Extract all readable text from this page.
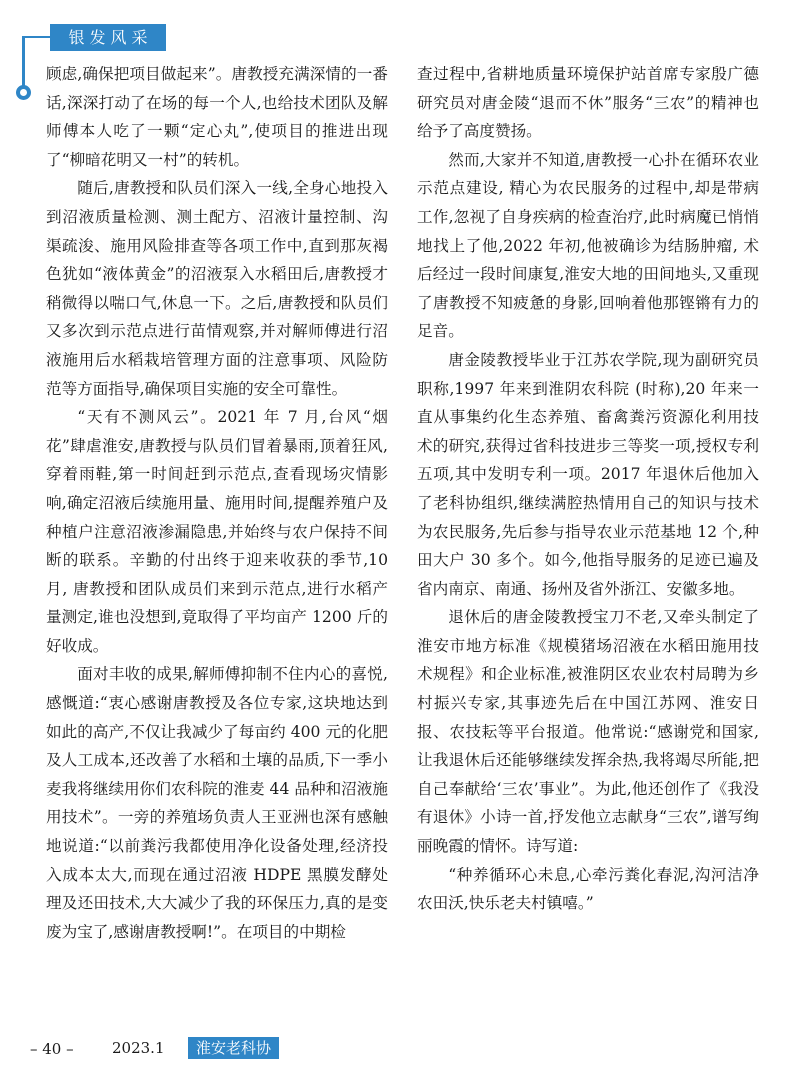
银发风采

顾虑,确保把项目做起来”。唐教授充满深情的一番话,深深打动了在场的每一个人,也给技术团队及解师傅本人吃了一颗“定心丸”,使项目的推进出现了“柳暗花明又一村”的转机。

随后,唐教授和队员们深入一线,全身心地投入到沼液质量检测、测土配方、沼液计量控制、沟渠疏浚、施用风险排查等各项工作中,直到那灰褐色犹如“液体黄金”的沼液泵入水稻田后,唐教授才稍微得以喘口气,休息一下。之后,唐教授和队员们又多次到示范点进行苗情观察,并对解师傅进行沼液施用后水稻栽培管理方面的注意事项、风险防范等方面指导,确保项目实施的安全可靠性。

“天有不测风云”。2021 年 7 月,台风“烟花”肆虐淮安,唐教授与队员们冒着暴雨,顶着狂风,穿着雨鞋,第一时间赶到示范点,查看现场灾情影响,确定沼液后续施用量、施用时间,提醒养殖户及种植户注意沼液渗漏隐患,并始终与农户保持不间断的联系。辛勤的付出终于迎来收获的季节,10 月, 唐教授和团队成员们来到示范点,进行水稻产量测定,谁也没想到,竟取得了平均亩产 1200 斤的好收成。

面对丰收的成果,解师傅抑制不住内心的喜悦, 感慨道:“衷心感谢唐教授及各位专家,这块地达到如此的高产,不仅让我减少了每亩约 400 元的化肥及人工成本,还改善了水稻和土壤的品质,下一季小麦我将继续用你们农科院的淮麦 44 品种和沼液施用技术”。一旁的养殖场负责人王亚洲也深有感触地说道:“以前粪污我都使用净化设备处理,经济投入成本太大,而现在通过沼液 HDPE 黑膜发酵处理及还田技术,大大减少了我的环保压力,真的是变废为宝了,感谢唐教授啊!”。在项目的中期检

查过程中,省耕地质量环境保护站首席专家殷广德研究员对唐金陵“退而不休”服务“三农”的精神也给予了高度赞扬。

然而,大家并不知道,唐教授一心扑在循环农业示范点建设, 精心为农民服务的过程中,却是带病工作,忽视了自身疾病的检查治疗,此时病魔已悄悄地找上了他,2022 年初,他被确诊为结肠肿瘤, 术后经过一段时间康复,淮安大地的田间地头,又重现了唐教授不知疲惫的身影,回响着他那铿锵有力的足音。

唐金陵教授毕业于江苏农学院,现为副研究员职称,1997 年来到淮阴农科院 (时称),20 年来一直从事集约化生态养殖、畜禽粪污资源化利用技术的研究,获得过省科技进步三等奖一项,授权专利五项,其中发明专利一项。2017 年退休后他加入了老科协组织,继续满腔热情用自己的知识与技术为农民服务,先后参与指导农业示范基地 12 个,种田大户 30 多个。如今,他指导服务的足迹已遍及省内南京、南通、扬州及省外浙江、安徽多地。

退休后的唐金陵教授宝刀不老,又牵头制定了淮安市地方标准《规模猪场沼液在水稻田施用技术规程》和企业标准,被淮阴区农业农村局聘为乡村振兴专家,其事迹先后在中国江苏网、淮安日报、农技耘等平台报道。他常说:“感谢党和国家, 让我退休后还能够继续发挥余热,我将竭尽所能,把自己奉献给‘三农’事业”。为此,他还创作了《我没有退休》小诗一首,抒发他立志献身“三农”,谱写绚丽晚霞的情怀。诗写道:

“种养循环心未息,心牵污粪化春泥,沟河洁净农田沃,快乐老夫村镇嘻。”

– 40 –	2023.1	淮安老科协
